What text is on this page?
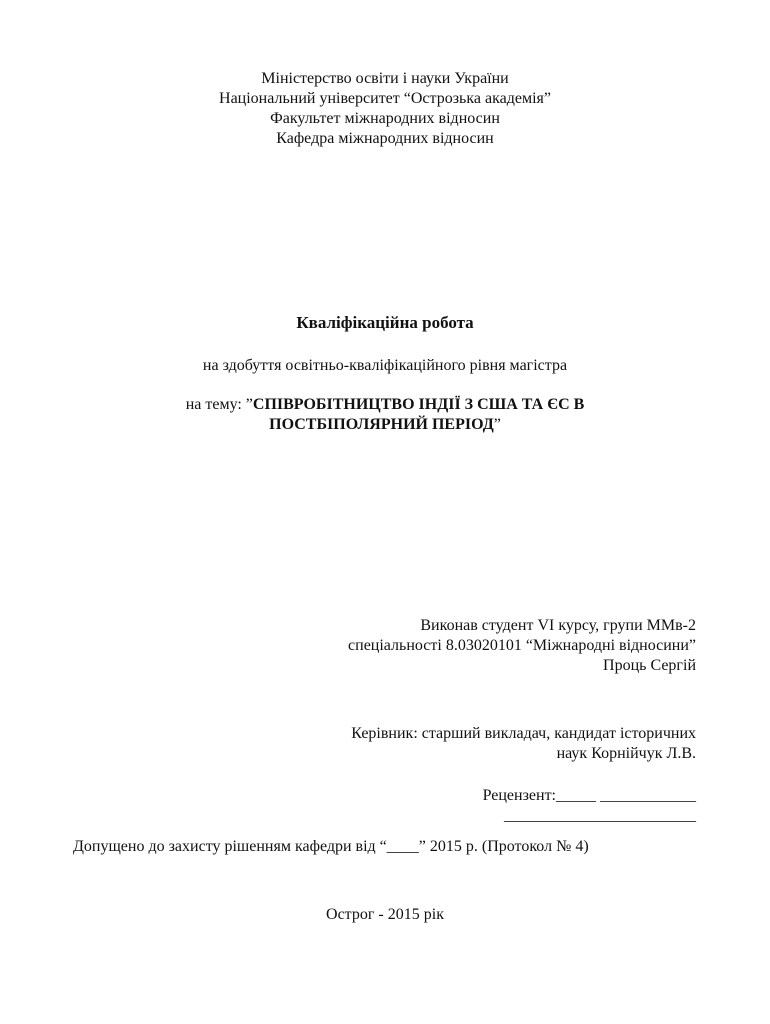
Міністерство освіти і науки України
Національний університет “Острозька академія”
Факультет міжнародних відносин
Кафедра міжнародних відносин
Кваліфікаційна робота
на здобуття освітньо-кваліфікаційного рівня магістра
на тему: ”СПІВРОБІТНИЦТВО ІНДІЇ З США ТА ЄС В
ПОСТБІПОЛЯРНИЙ ПЕРІОД”
Виконав студент VI курсу, групи ММв-2
спеціальності 8.03020101 “Міжнародні відносини”
Проць Сергій
Керівник: старший викладач, кандидат історичних
наук Корнійчук Л.В.
Рецензент:_____ ____________
________________________
Допущено до захисту рішенням кафедри від “____” 2015 р. (Протокол № 4)
Острог - 2015 рік
